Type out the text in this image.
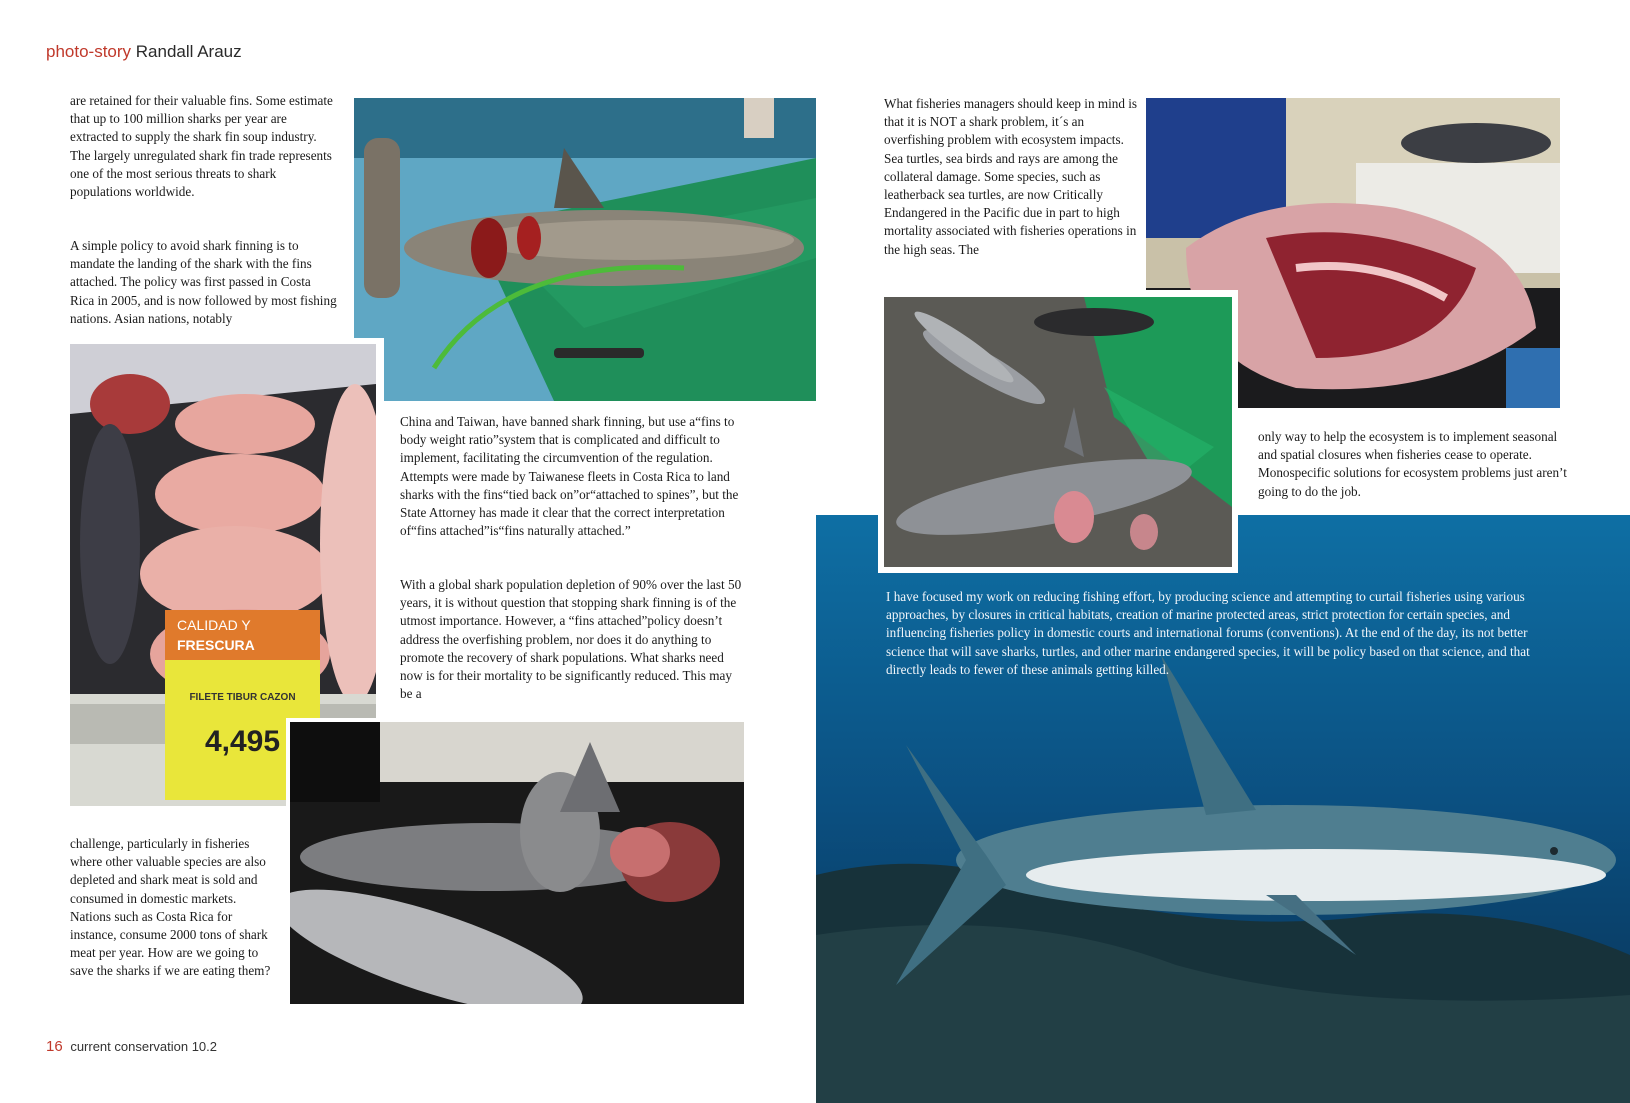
photo-story Randall Arauz

are retained for their valuable fins. Some estimate that up to 100 million sharks per year are extracted to supply the shark fin soup industry. The largely unregulated shark fin trade represents one of the most serious threats to shark populations worldwide.

A simple policy to avoid shark finning is to mandate the landing of the shark with the fins attached. The policy was first passed in Costa Rica in 2005, and is now followed by most fishing nations. Asian nations, notably

CALIDAD Y
FRESCURA
FILETE TIBUR CAZON
4,495

China and Taiwan, have banned shark finning, but use a“fins to body weight ratio”system that is complicated and difficult to implement, facilitating the circumvention of the regulation. Attempts were made by Taiwanese fleets in Costa Rica to land sharks with the fins“tied back on”or“attached to spines”, but the State Attorney has made it clear that the correct interpretation of“fins attached”is“fins naturally attached.”

With a global shark population depletion of 90% over the last 50 years, it is without question that stopping shark finning is of the utmost importance. However, a “fins attached”policy doesn’t address the overfishing problem, nor does it do anything to promote the recovery of shark populations. What sharks need now is for their mortality to be significantly reduced. This may be a

challenge, particularly in fisheries where other valuable species are also depleted and shark meat is sold and consumed in domestic markets. Nations such as Costa Rica for instance, consume 2000 tons of shark meat per year. How are we going to save the sharks if we are eating them?

16 current conservation 10.2

What fisheries managers should keep in mind is that it is NOT a shark problem, it´s an overfishing problem with ecosystem impacts. Sea turtles, sea birds and rays are among the collateral damage. Some species, such as leatherback sea turtles, are now Critically Endangered in the Pacific due in part to high mortality associated with fisheries operations in the high seas. The

only way to help the ecosystem is to implement seasonal and spatial closures when fisheries cease to operate. Monospecific solutions for ecosystem problems just aren’t going to do the job.

I have focused my work on reducing fishing effort, by producing science and attempting to curtail fisheries using various approaches, by closures in critical habitats, creation of marine protected areas, strict protection for certain species, and influencing fisheries policy in domestic courts and international forums (conventions). At the end of the day, its not better science that will save sharks, turtles, and other marine endangered species, it will be policy based on that science, and that directly leads to fewer of these animals getting killed.
